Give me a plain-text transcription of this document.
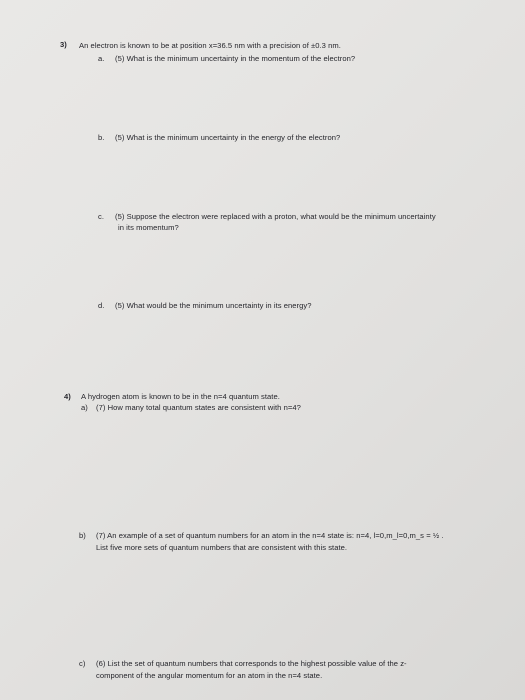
3) An electron is known to be at position x=36.5 nm with a precision of ±0.3 nm.
a. (5) What is the minimum uncertainty in the momentum of the electron?
b. (5) What is the minimum uncertainty in the energy of the electron?
c. (5) Suppose the electron were replaced with a proton, what would be the minimum uncertainty
in its momentum?
d. (5) What would be the minimum uncertainty in its energy?
4) A hydrogen atom is known to be in the n=4 quantum state.
a) (7) How many total quantum states are consistent with n=4?
b) (7) An example of a set of quantum numbers for an atom in the n=4 state is: n=4, l=0,m_l=0,m_s = ½ .
List five more sets of quantum numbers that are consistent with this state.
c) (6) List the set of quantum numbers that corresponds to the highest possible value of the z-
component of the angular momentum for an atom in the n=4 state.
